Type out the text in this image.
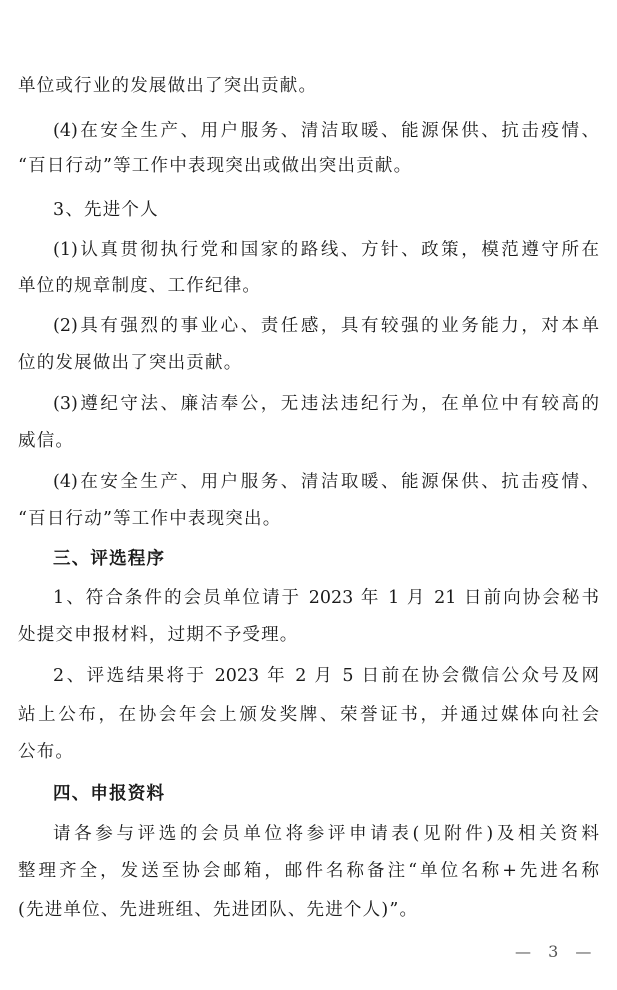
单位或行业的发展做出了突出贡献。
(4)在安全生产、用户服务、清洁取暖、能源保供、抗击疫情、
“百日行动”等工作中表现突出或做出突出贡献。
3、先进个人
(1)认真贯彻执行党和国家的路线、方针、政策，模范遵守所在
单位的规章制度、工作纪律。
(2)具有强烈的事业心、责任感，具有较强的业务能力，对本单
位的发展做出了突出贡献。
(3)遵纪守法、廉洁奉公，无违法违纪行为，在单位中有较高的
威信。
(4)在安全生产、用户服务、清洁取暖、能源保供、抗击疫情、
“百日行动”等工作中表现突出。
三、评选程序
1、符合条件的会员单位请于 2023 年 1 月 21 日前向协会秘书
处提交申报材料，过期不予受理。
2、评选结果将于 2023 年 2 月 5 日前在协会微信公众号及网
站上公布，在协会年会上颁发奖牌、荣誉证书，并通过媒体向社会
公布。
四、申报资料
请各参与评选的会员单位将参评申请表(见附件)及相关资料
整理齐全，发送至协会邮箱，邮件名称备注“单位名称+先进名称
(先进单位、先进班组、先进团队、先进个人)”。
— 3 —
